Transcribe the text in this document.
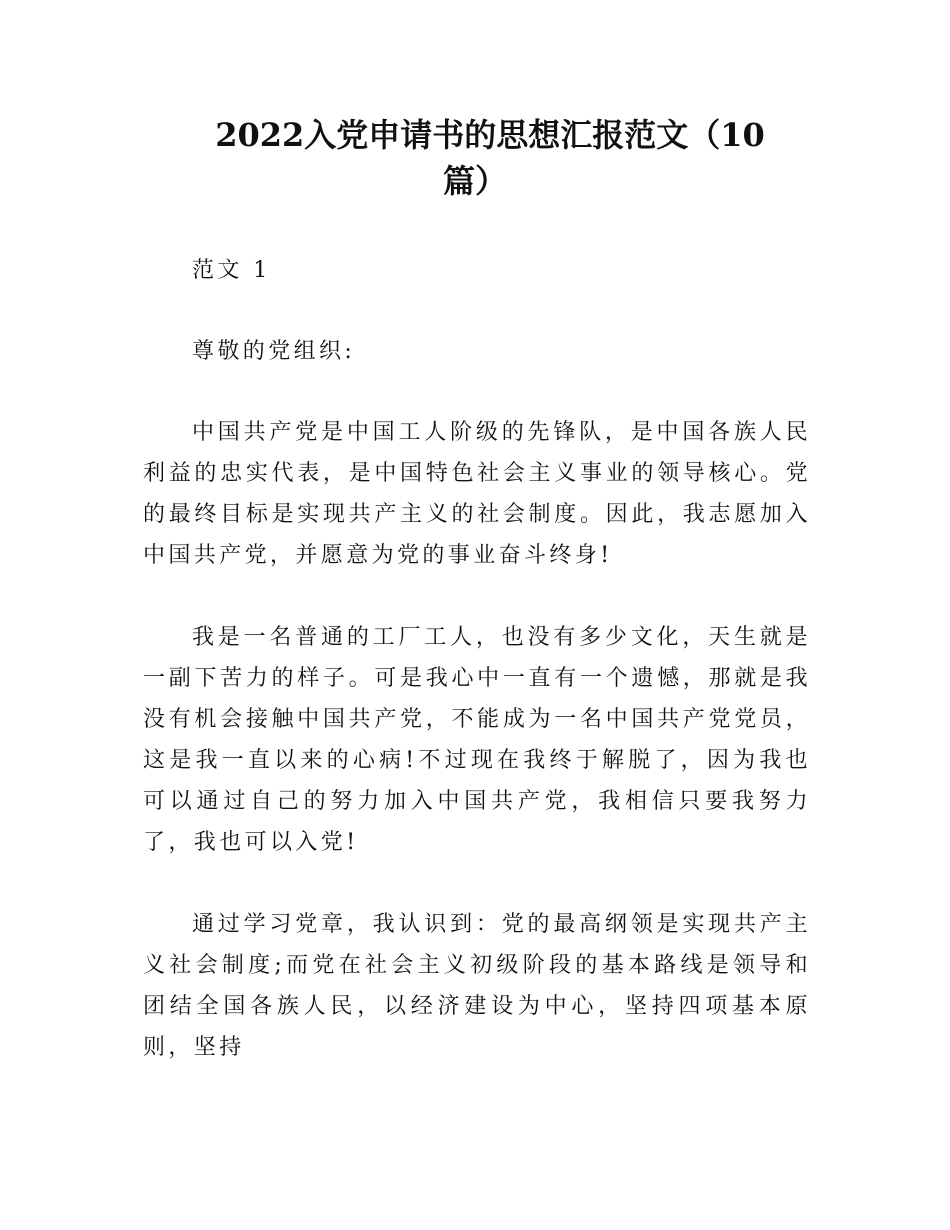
2022入党申请书的思想汇报范文（10
篇）

范文 1

尊敬的党组织:

中国共产党是中国工人阶级的先锋队，是中国各族人民利益的忠实代表，是中国特色社会主义事业的领导核心。党的最终目标是实现共产主义的社会制度。因此，我志愿加入中国共产党，并愿意为党的事业奋斗终身!

我是一名普通的工厂工人，也没有多少文化，天生就是一副下苦力的样子。可是我心中一直有一个遗憾，那就是我没有机会接触中国共产党，不能成为一名中国共产党党员，这是我一直以来的心病!不过现在我终于解脱了，因为我也可以通过自己的努力加入中国共产党，我相信只要我努力了，我也可以入党!

通过学习党章，我认识到：党的最高纲领是实现共产主义社会制度;而党在社会主义初级阶段的基本路线是领导和团结全国各族人民，以经济建设为中心，坚持四项基本原则，坚持
